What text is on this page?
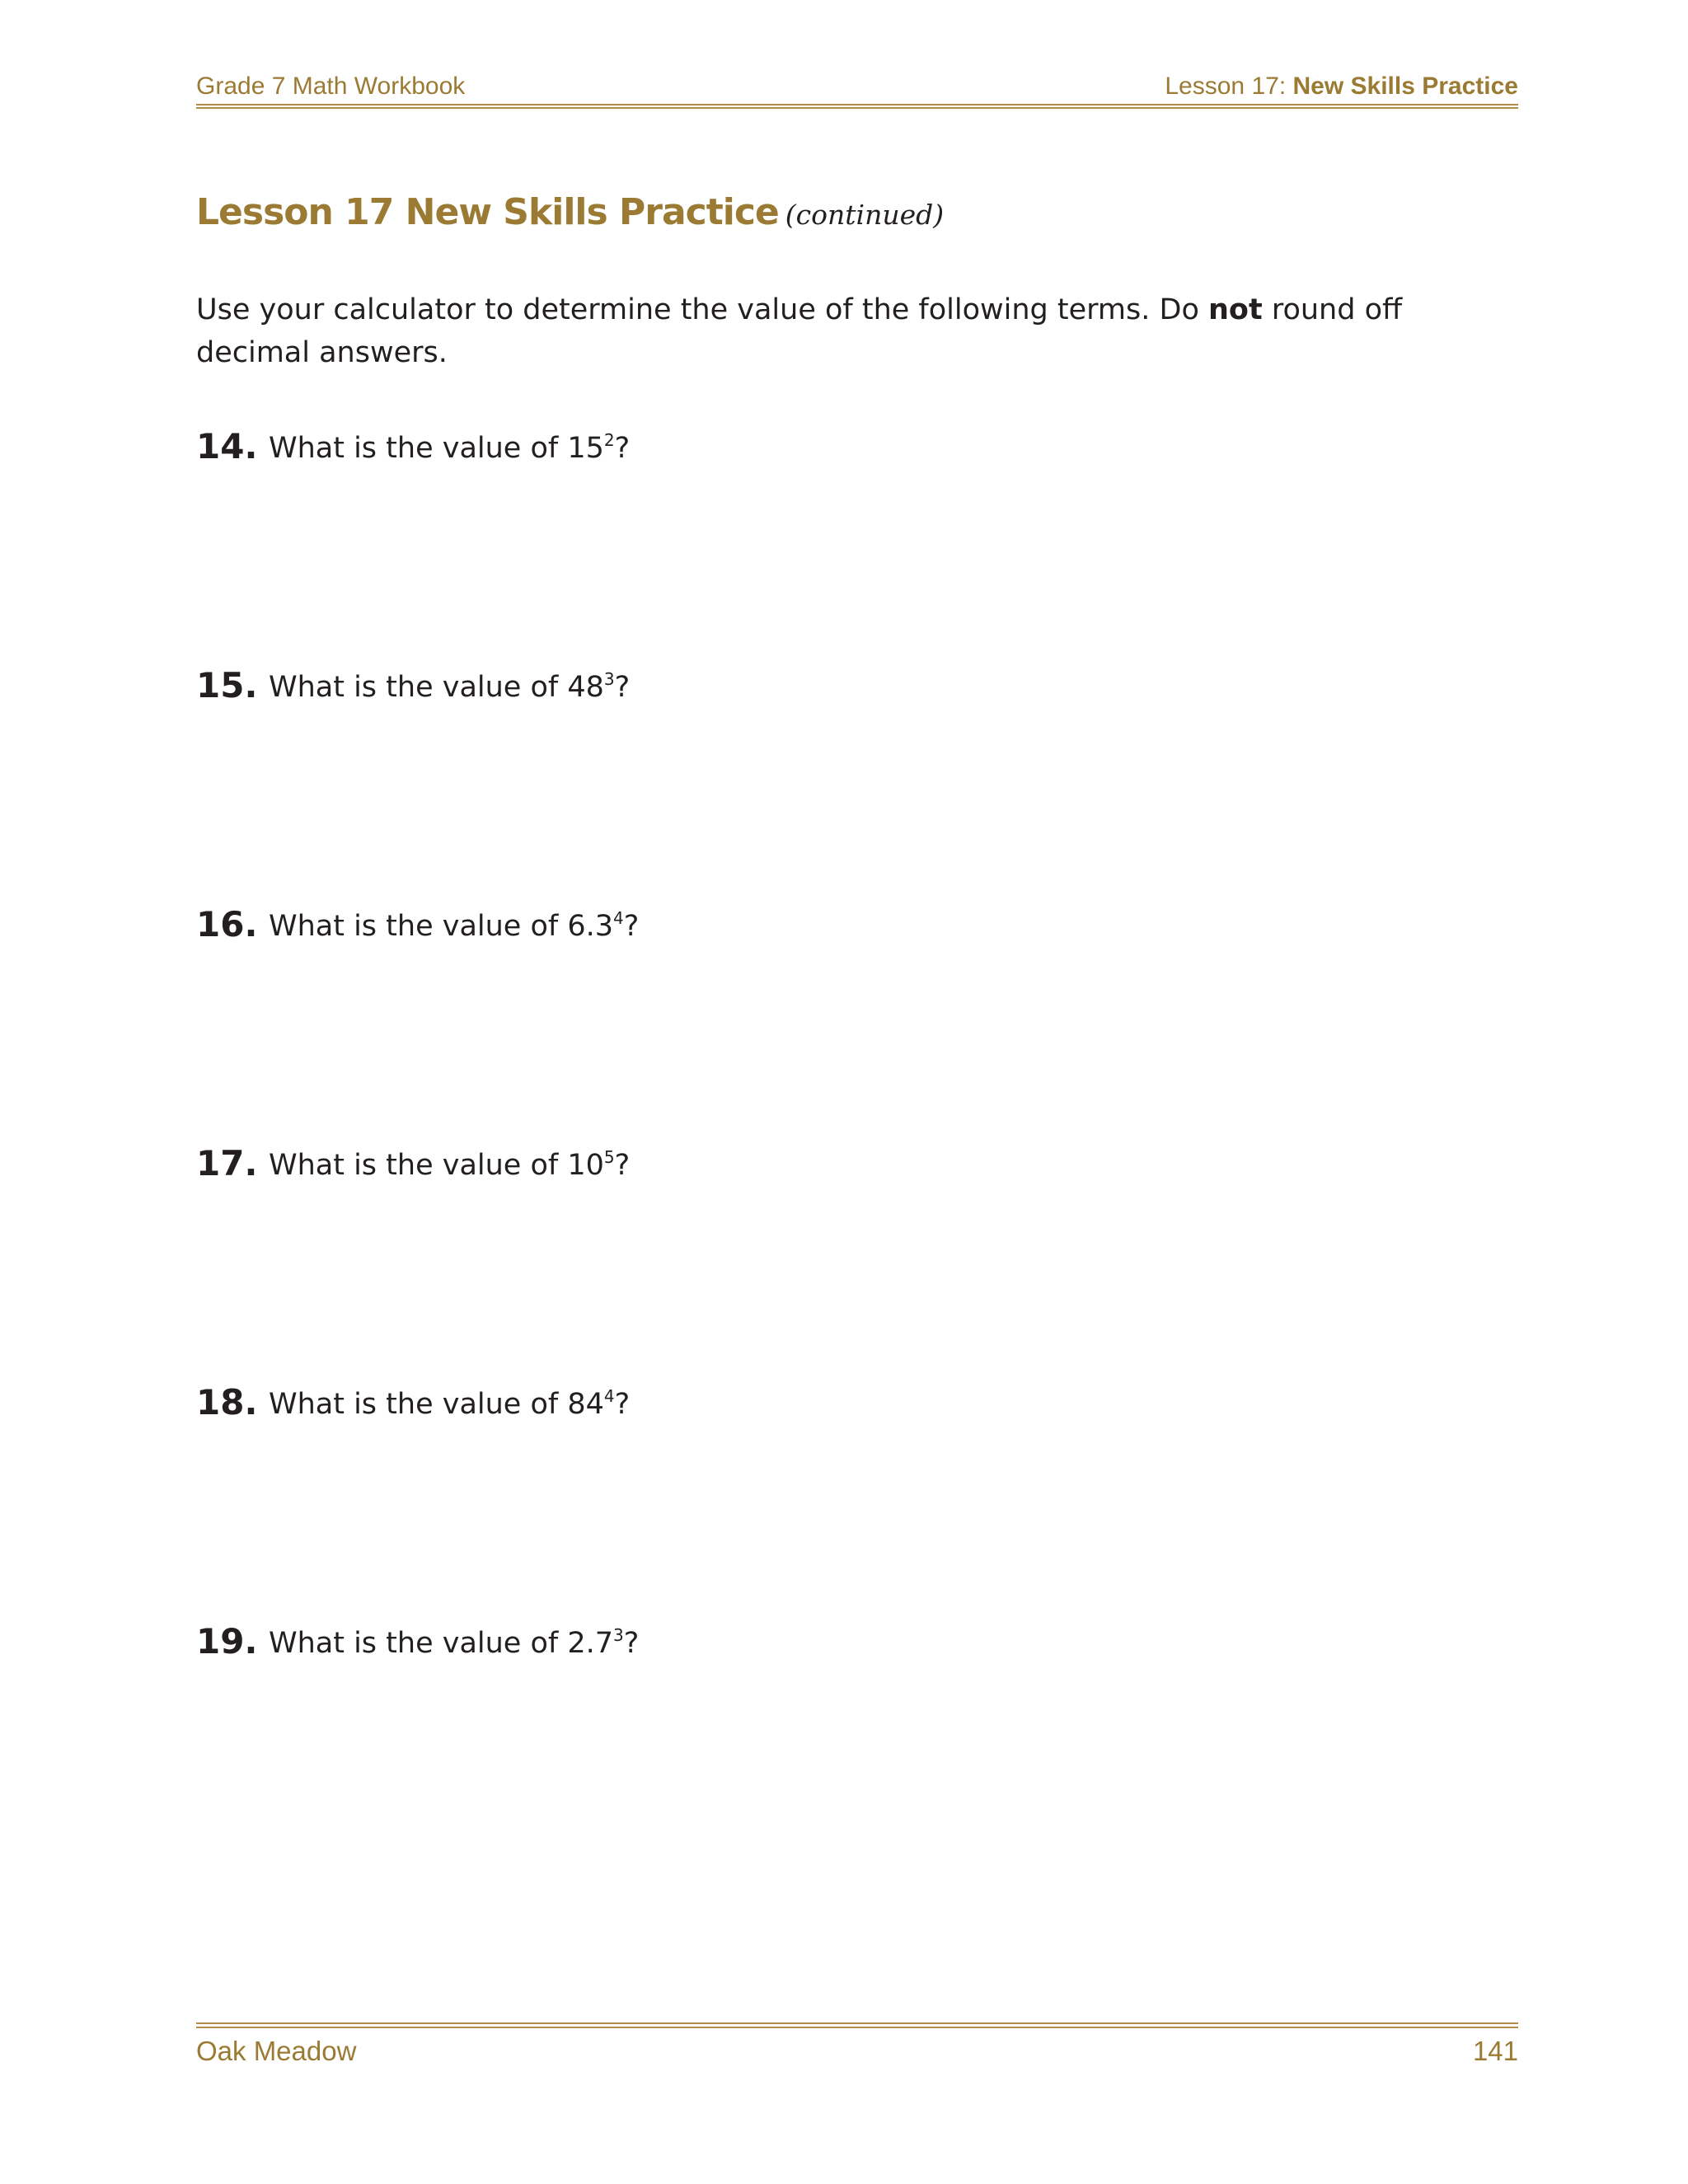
Grade 7 Math Workbook	Lesson 17: New Skills Practice
Lesson 17 New Skills Practice (continued)
Use your calculator to determine the value of the following terms. Do not round off decimal answers.
14. What is the value of $15^2$?
15. What is the value of $48^3$?
16. What is the value of $6.3^4$?
17. What is the value of $10^5$?
18. What is the value of $84^4$?
19. What is the value of $2.7^3$?
Oak Meadow	141
